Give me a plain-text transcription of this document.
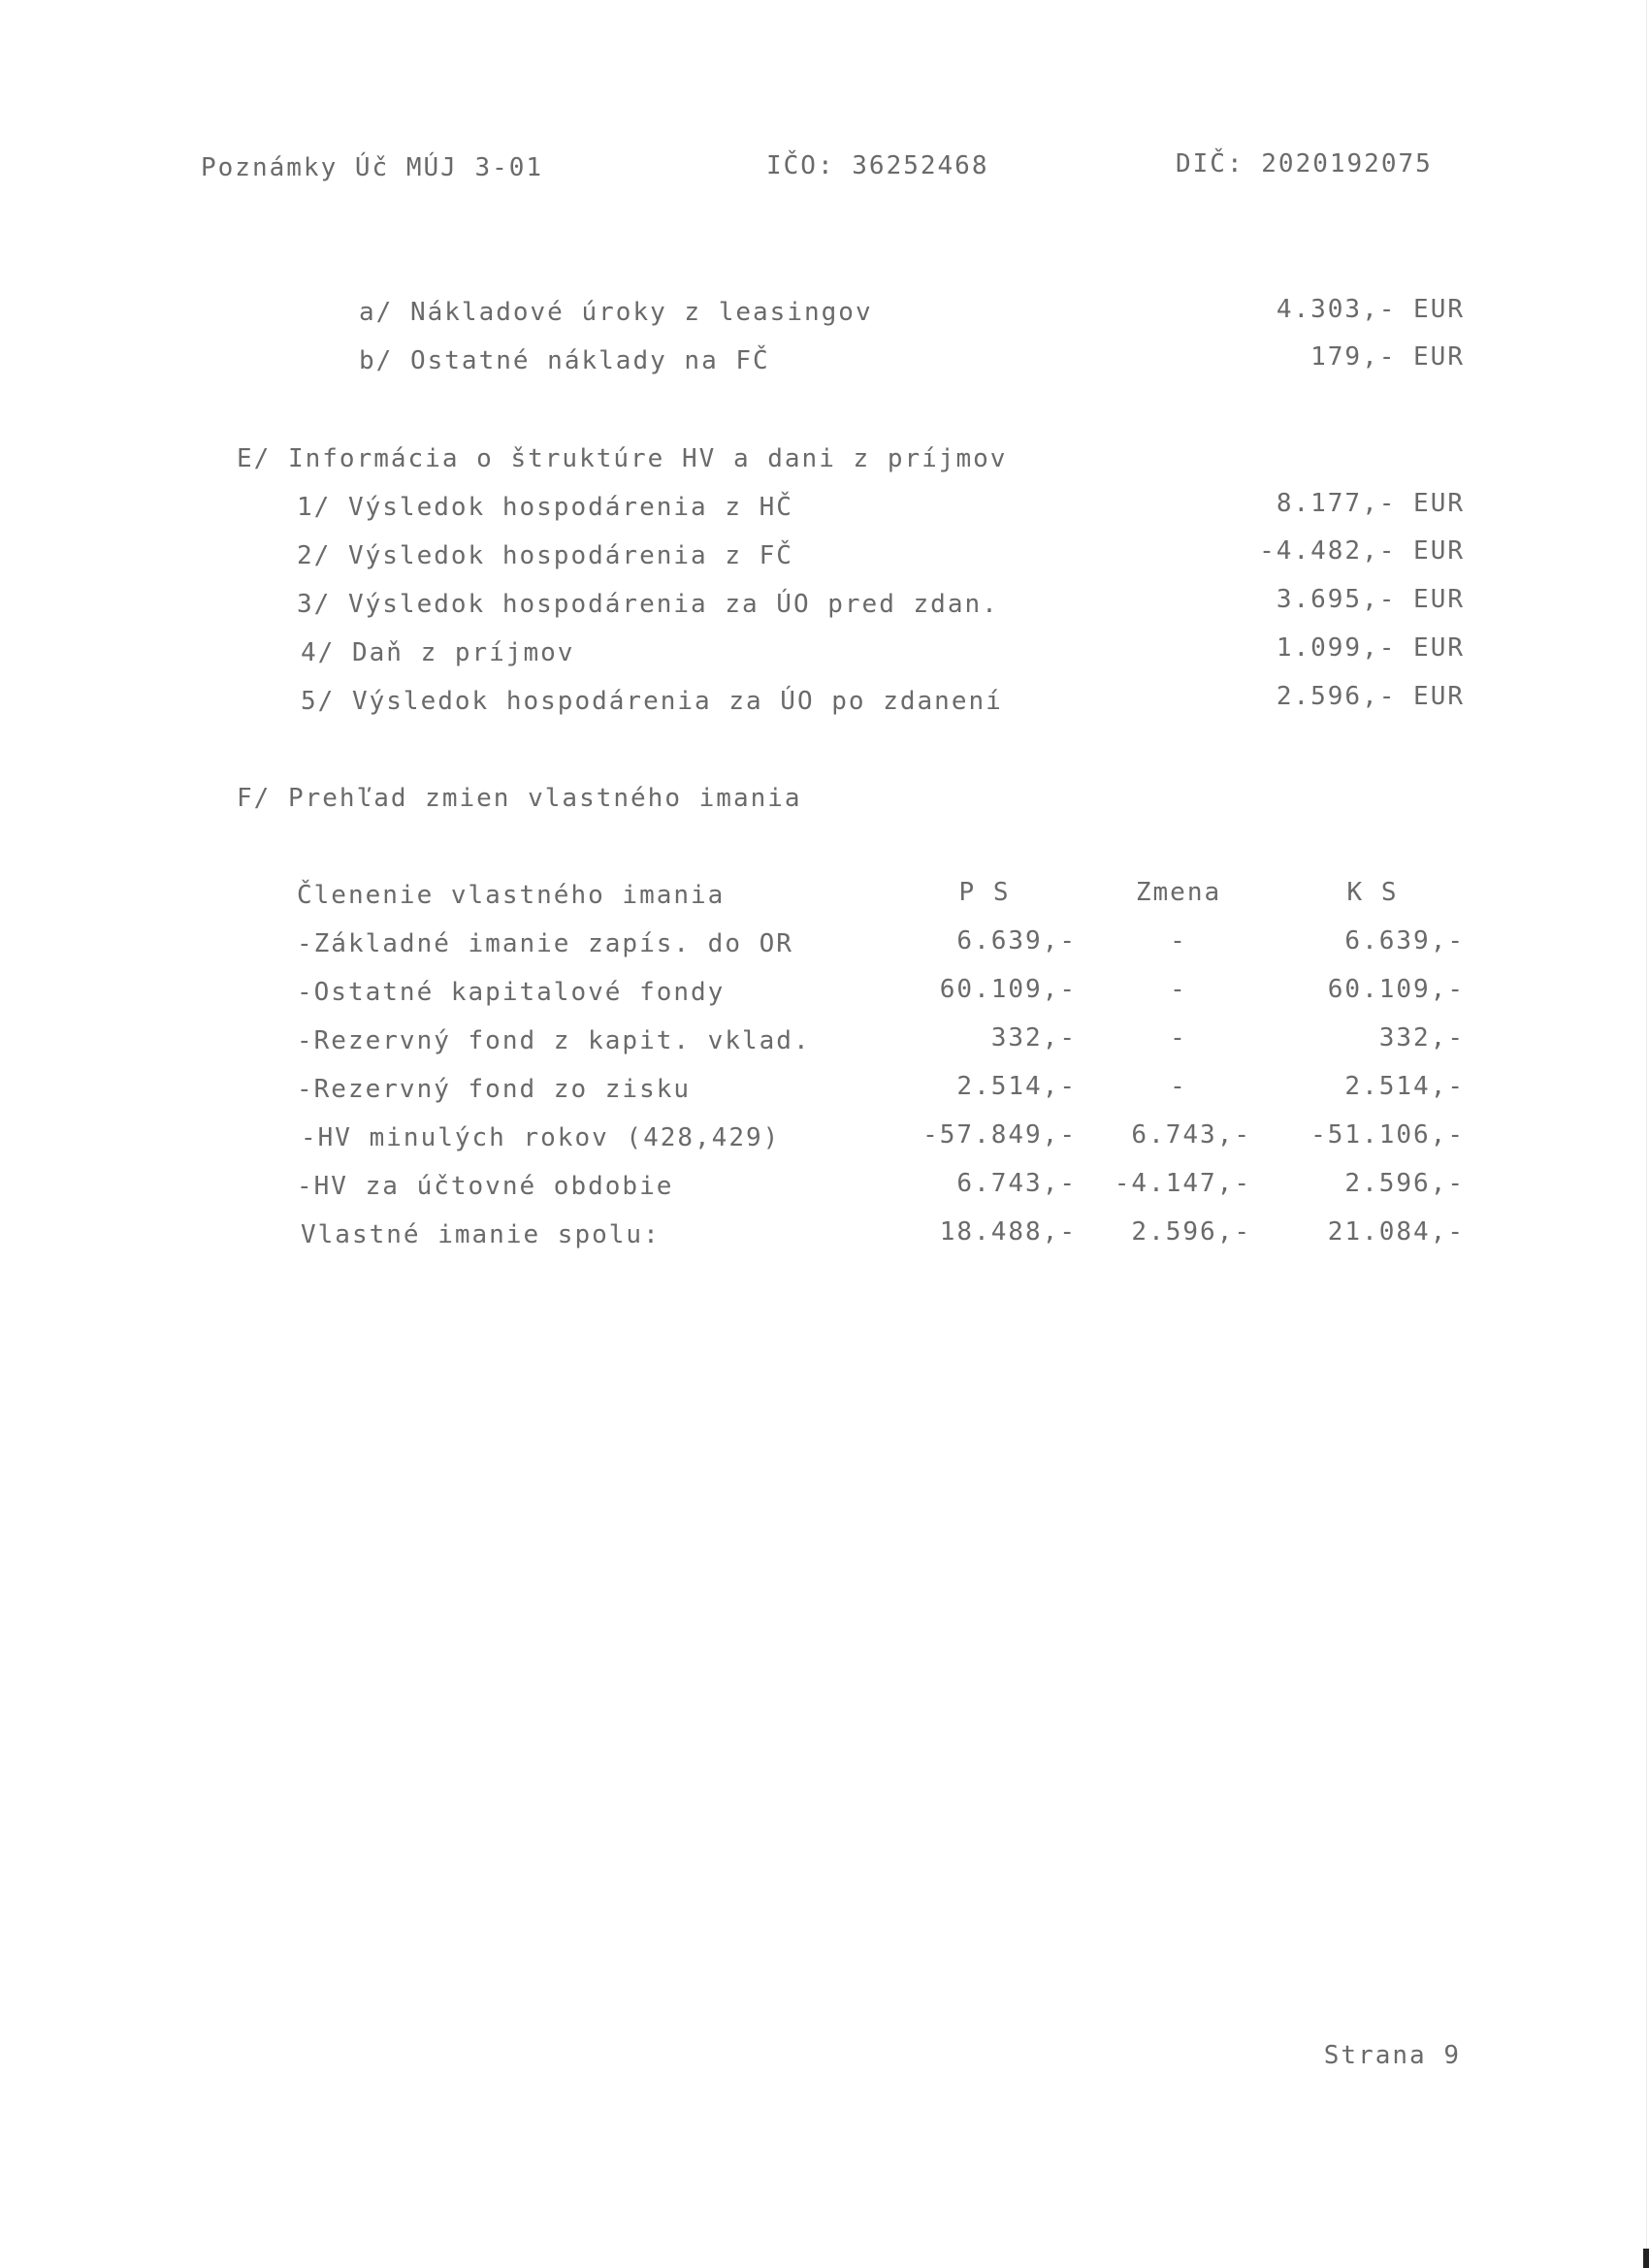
Poznámky Úč MÚJ 3-01	IČO: 36252468	DIČ: 2020192075
a/ Nákladové úroky z leasingov	4.303,- EUR
b/ Ostatné náklady na FČ	179,- EUR
E/ Informácia o štruktúre HV a dani z príjmov
1/ Výsledok hospodárenia z HČ	8.177,- EUR
2/ Výsledok hospodárenia z FČ	-4.482,- EUR
3/ Výsledok hospodárenia za ÚO pred zdan.	3.695,- EUR
4/ Daň z príjmov	1.099,- EUR
5/ Výsledok hospodárenia za ÚO po zdanení	2.596,- EUR
F/ Prehľad zmien vlastného imania
Členenie vlastného imania	P S	Zmena	K S
-Základné imanie zapís. do OR	6.639,-	-	6.639,-
-Ostatné kapitalové fondy	60.109,-	-	60.109,-
-Rezervný fond z kapit. vklad.	332,-	-	332,-
-Rezervný fond zo zisku	2.514,-	-	2.514,-
-HV minulých rokov (428,429)	-57.849,-	6.743,-	-51.106,-
-HV za účtovné obdobie	6.743,-	-4.147,-	2.596,-
Vlastné imanie spolu:	18.488,-	2.596,-	21.084,-
Strana 9
